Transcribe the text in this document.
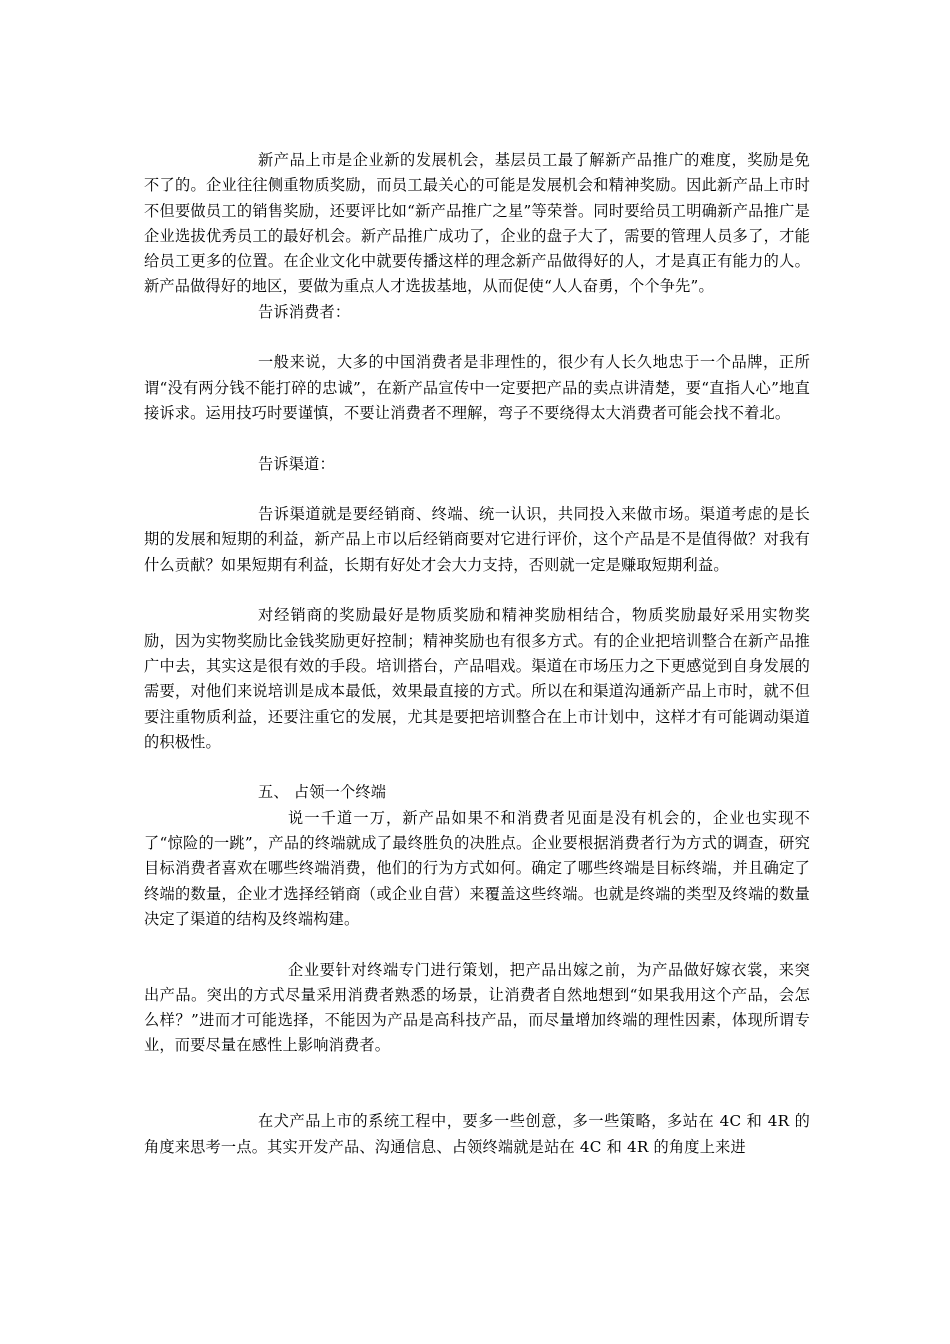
新产品上市是企业新的发展机会，基层员工最了解新产品推广的难度，奖励是免不了的。企业往往侧重物质奖励，而员工最关心的可能是发展机会和精神奖励。因此新产品上市时不但要做员工的销售奖励，还要评比如“新产品推广之星”等荣誉。同时要给员工明确新产品推广是企业选拔优秀员工的最好机会。新产品推广成功了，企业的盘子大了，需要的管理人员多了，才能给员工更多的位置。在企业文化中就要传播这样的理念新产品做得好的人，才是真正有能力的人。新产品做得好的地区，要做为重点人才选拔基地，从而促使“人人奋勇，个个争先”。

告诉消费者：

一般来说，大多的中国消费者是非理性的，很少有人长久地忠于一个品牌，正所谓“没有两分钱不能打碎的忠诚”，在新产品宣传中一定要把产品的卖点讲清楚，要“直指人心”地直接诉求。运用技巧时要谨慎，不要让消费者不理解，弯子不要绕得太大消费者可能会找不着北。

告诉渠道：

告诉渠道就是要经销商、终端、统一认识，共同投入来做市场。渠道考虑的是长期的发展和短期的利益，新产品上市以后经销商要对它进行评价，这个产品是不是值得做？对我有什么贡献？如果短期有利益，长期有好处才会大力支持，否则就一定是赚取短期利益。

对经销商的奖励最好是物质奖励和精神奖励相结合，物质奖励最好采用实物奖励，因为实物奖励比金钱奖励更好控制；精神奖励也有很多方式。有的企业把培训整合在新产品推广中去，其实这是很有效的手段。培训搭台，产品唱戏。渠道在市场压力之下更感觉到自身发展的需要，对他们来说培训是成本最低，效果最直接的方式。所以在和渠道沟通新产品上市时，就不但要注重物质利益，还要注重它的发展，尤其是要把培训整合在上市计划中，这样才有可能调动渠道的积极性。

五、 占领一个终端

说一千道一万，新产品如果不和消费者见面是没有机会的，企业也实现不了“惊险的一跳”，产品的终端就成了最终胜负的决胜点。企业要根据消费者行为方式的调查，研究目标消费者喜欢在哪些终端消费，他们的行为方式如何。确定了哪些终端是目标终端，并且确定了终端的数量，企业才选择经销商（或企业自营）来覆盖这些终端。也就是终端的类型及终端的数量决定了渠道的结构及终端构建。

企业要针对终端专门进行策划，把产品出嫁之前，为产品做好嫁衣裳，来突出产品。突出的方式尽量采用消费者熟悉的场景，让消费者自然地想到“如果我用这个产品，会怎么样？”进而才可能选择，不能因为产品是高科技产品，而尽量增加终端的理性因素，体现所谓专业，而要尽量在感性上影响消费者。

在犬产品上市的系统工程中，要多一些创意，多一些策略，多站在 4C 和 4R 的角度来思考一点。其实开发产品、沟通信息、占领终端就是站在 4C 和 4R 的角度上来进
